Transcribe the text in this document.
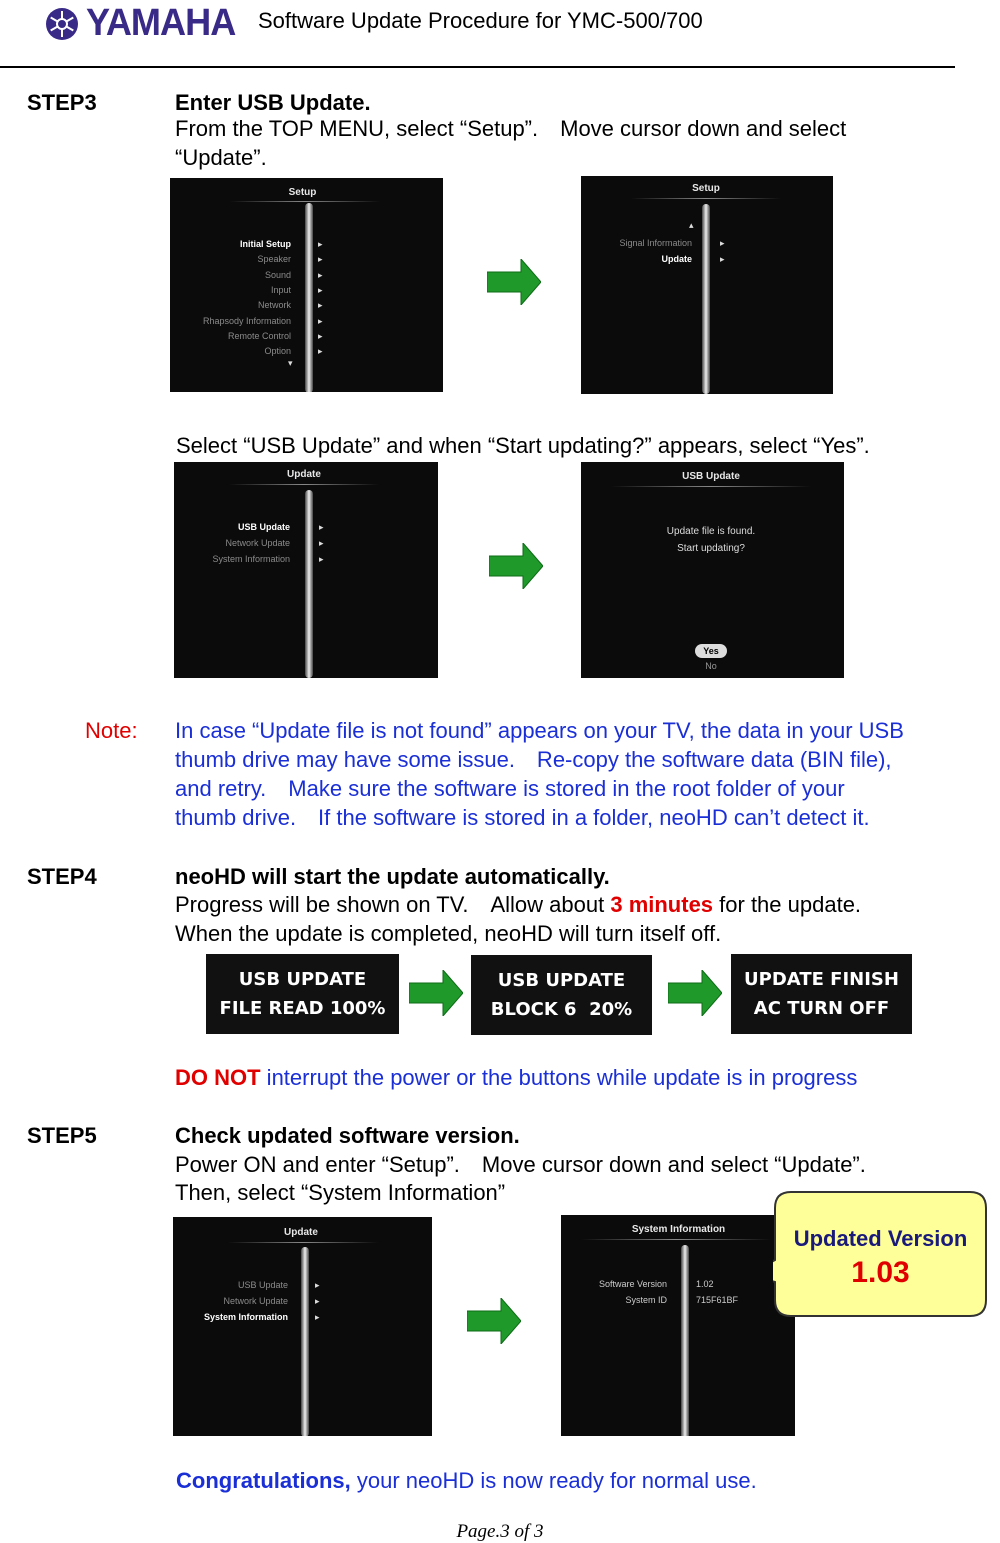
YAMAHA Software Update Procedure for YMC-500/700
STEP3	Enter USB Update.
From the TOP MENU, select “Setup”.　Move cursor down and select
“Update”.
Setup
Initial Setup
Speaker
Sound
Input
Network
Rhapsody Information
Remote Control
Option
▸
▸
▸
▸
▸
▸
▸
▸
▾
Setup
▴
Signal Information
Update
▸
▸
Select “USB Update” and when “Start updating?” appears, select “Yes”.
Update
USB Update
Network Update
System Information
▸
▸
▸
USB Update
Update file is found.
Start updating?
Yes
No
Note: In case “Update file is not found” appears on your TV, the data in your USB
thumb drive may have some issue.　Re-copy the software data (BIN file),
and retry.　Make sure the software is stored in the root folder of your
thumb drive.　If the software is stored in a folder, neoHD can’t detect it.
STEP4	neoHD will start the update automatically.
Progress will be shown on TV.　Allow about 3 minutes for the update.
When the update is completed, neoHD will turn itself off.
USB UPDATE
FILE READ 100%
USB UPDATE
BLOCK 6  20%
UPDATE FINISH
AC TURN OFF
DO NOT interrupt the power or the buttons while update is in progress
STEP5	Check updated software version.
Power ON and enter “Setup”.　Move cursor down and select “Update”.
Then, select “System Information”
Update
USB Update
Network Update
System Information
▸
▸
▸
System Information
Software Version	1.02
System ID	715F61BF
Updated Version
1.03
Congratulations, your neoHD is now ready for normal use.
Page.3 of 3
